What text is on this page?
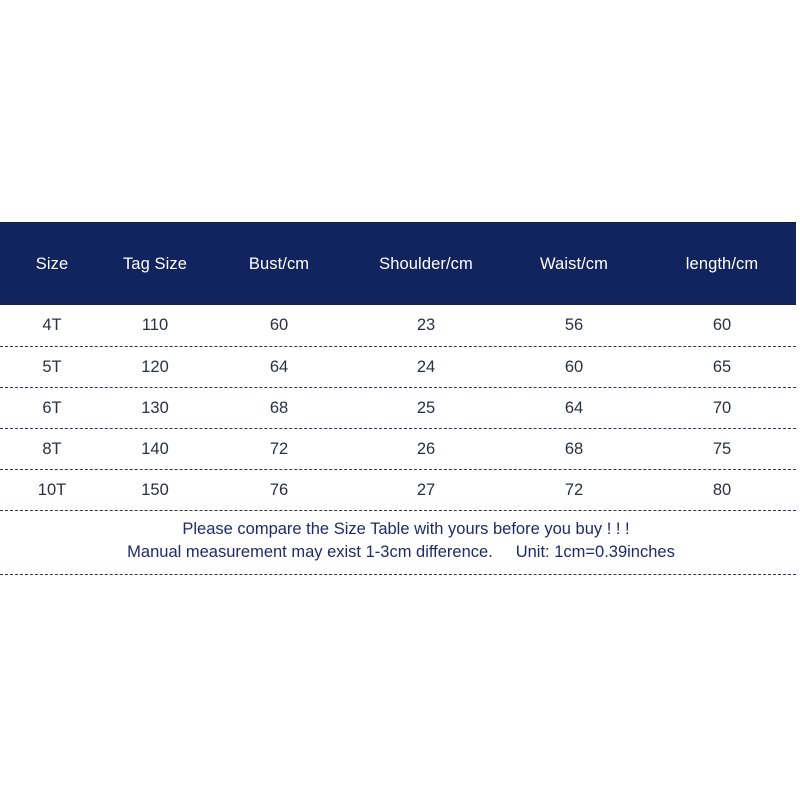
Size	Tag Size	Bust/cm	Shoulder/cm	Waist/cm	length/cm
4T	110	60	23	56	60
5T	120	64	24	60	65
6T	130	68	25	64	70
8T	140	72	26	68	75
10T	150	76	27	72	80
Please compare the Size Table with yours before you buy ! ! !
Manual measurement may exist 1-3cm difference.     Unit: 1cm=0.39inches
